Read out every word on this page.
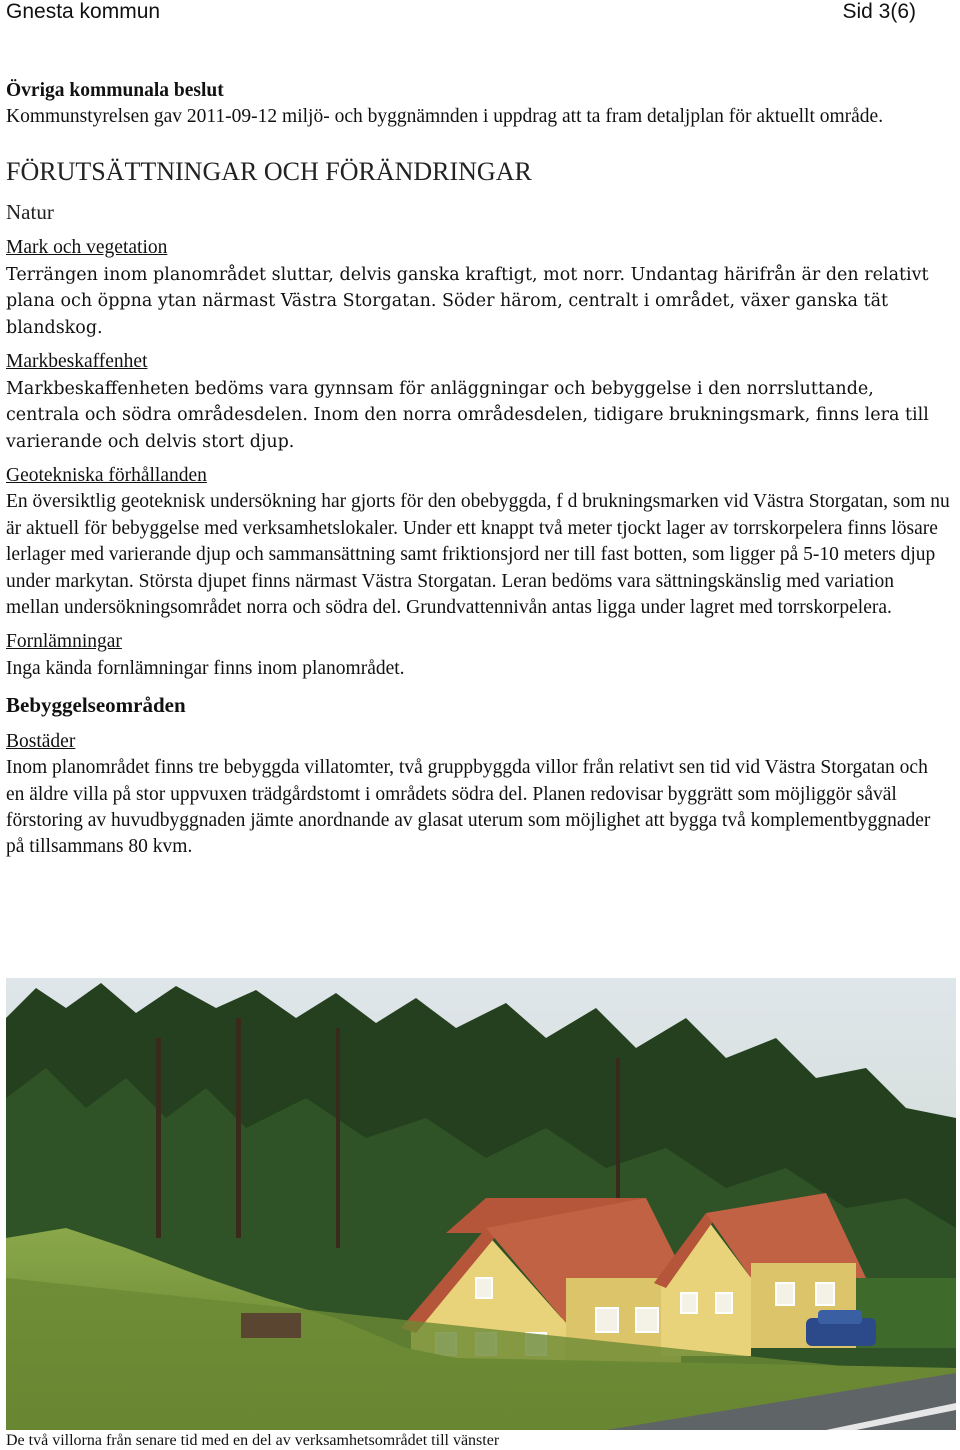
Gnesta kommun	Sid 3(6)

Övriga kommunala beslut

Kommunstyrelsen gav 2011-09-12 miljö- och byggnämnden i uppdrag att ta fram detaljplan för aktuellt område.

FÖRUTSÄTTNINGAR OCH FÖRÄNDRINGAR

Natur

Mark och vegetation

Terrängen inom planområdet sluttar, delvis ganska kraftigt, mot norr. Undantag härifrån är den relativt plana och öppna ytan närmast Västra Storgatan. Söder härom, centralt i området, växer ganska tät blandskog.

Markbeskaffenhet

Markbeskaffenheten bedöms vara gynnsam för anläggningar och bebyggelse i den norrsluttande, centrala och södra områdesdelen. Inom den norra områdesdelen, tidigare brukningsmark, finns lera till varierande och delvis stort djup.

Geotekniska förhållanden

En översiktlig geoteknisk undersökning har gjorts för den obebyggda, f d brukningsmarken vid Västra Storgatan, som nu är aktuell för bebyggelse med verksamhetslokaler. Under ett knappt två meter tjockt lager av torrskorpelera finns lösare lerlager med varierande djup och sammansättning samt friktionsjord ner till fast botten, som ligger på 5-10 meters djup under markytan. Största djupet finns närmast Västra Storgatan. Leran bedöms vara sättningskänslig med variation mellan undersökningsområdet norra och södra del. Grundvattennivån antas ligga under lagret med torrskorpelera.

Fornlämningar

Inga kända fornlämningar finns inom planområdet.

Bebyggelseområden

Bostäder

Inom planområdet finns tre bebyggda villatomter, två gruppbyggda villor från relativt sen tid vid Västra Storgatan och en äldre villa på stor uppvuxen trädgårdstomt i områdets södra del. Planen redovisar byggrätt som möjliggör såväl förstoring av huvudbyggnaden jämte anordnande av glasat uterum som möjlighet att bygga två komplementbyggnader på tillsammans 80 kvm.

De två villorna från senare tid med en del av verksamhetsområdet till vänster
